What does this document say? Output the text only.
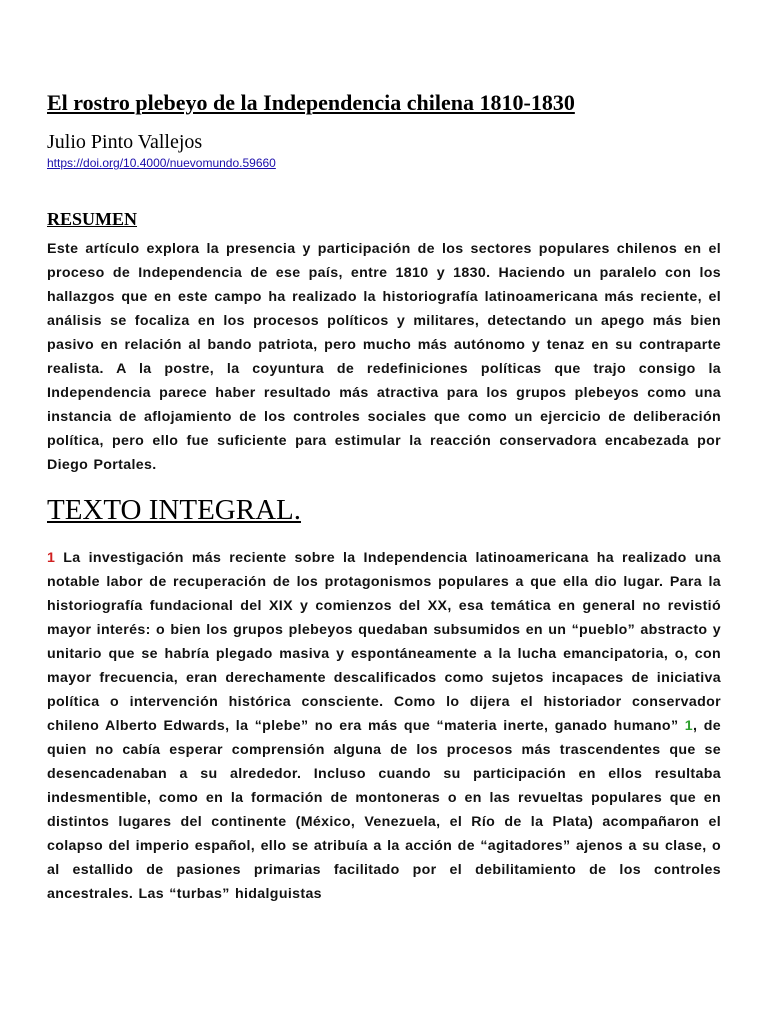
El rostro plebeyo de la Independencia chilena 1810-1830
Julio Pinto Vallejos
https://doi.org/10.4000/nuevomundo.59660
RESUMEN
Este artículo explora la presencia y participación de los sectores populares chilenos en el proceso de Independencia de ese país, entre 1810 y 1830. Haciendo un paralelo con los hallazgos que en este campo ha realizado la historiografía latinoamericana más reciente, el análisis se focaliza en los procesos políticos y militares, detectando un apego más bien pasivo en relación al bando patriota, pero mucho más autónomo y tenaz en su contraparte realista. A la postre, la coyuntura de redefiniciones políticas que trajo consigo la Independencia parece haber resultado más atractiva para los grupos plebeyos como una instancia de aflojamiento de los controles sociales que como un ejercicio de deliberación política, pero ello fue suficiente para estimular la reacción conservadora encabezada por Diego Portales.
TEXTO INTEGRAL.
1 La investigación más reciente sobre la Independencia latinoamericana ha realizado una notable labor de recuperación de los protagonismos populares a que ella dio lugar. Para la historiografía fundacional del XIX y comienzos del XX, esa temática en general no revistió mayor interés: o bien los grupos plebeyos quedaban subsumidos en un “pueblo” abstracto y unitario que se habría plegado masiva y espontáneamente a la lucha emancipatoria, o, con mayor frecuencia, eran derechamente descalificados como sujetos incapaces de iniciativa política o intervención histórica consciente. Como lo dijera el historiador conservador chileno Alberto Edwards, la “plebe” no era más que “materia inerte, ganado humano” 1, de quien no cabía esperar comprensión alguna de los procesos más trascendentes que se desencadenaban a su alrededor. Incluso cuando su participación en ellos resultaba indesmentible, como en la formación de montoneras o en las revueltas populares que en distintos lugares del continente (México, Venezuela, el Río de la Plata) acompañaron el colapso del imperio español, ello se atribuía a la acción de “agitadores” ajenos a su clase, o al estallido de pasiones primarias facilitado por el debilitamiento de los controles ancestrales. Las “turbas” hidalguistas
